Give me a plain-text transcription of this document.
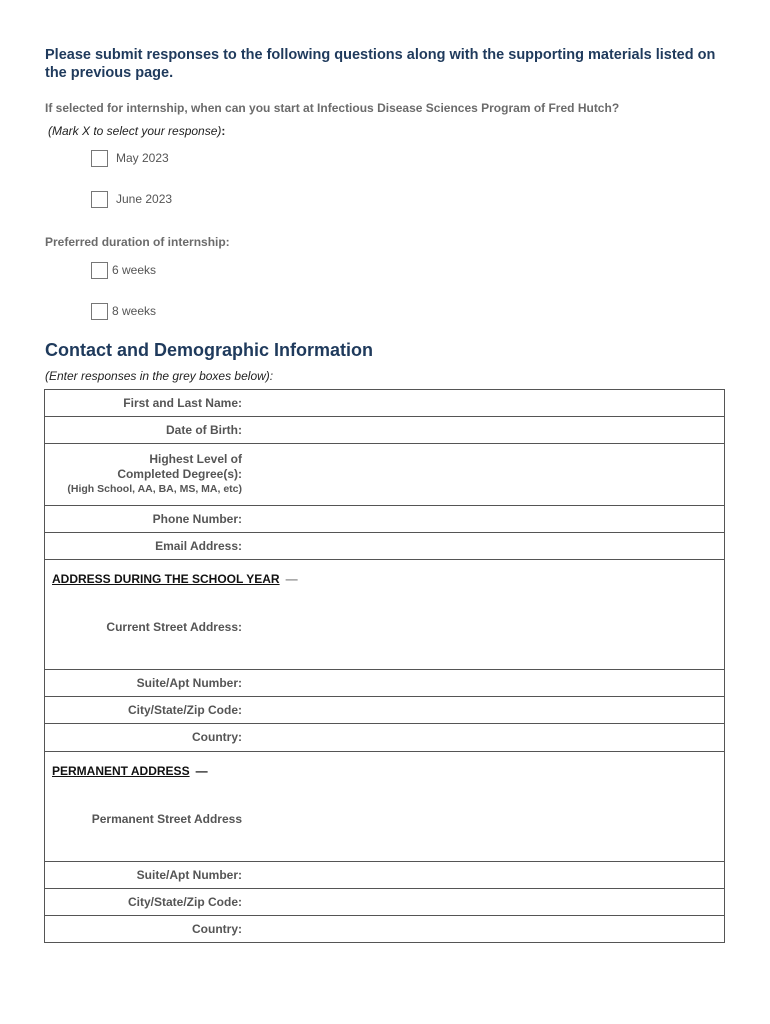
Please submit responses to the following questions along with the supporting materials listed on the previous page.
If selected for internship, when can you start at Infectious Disease Sciences Program of Fred Hutch?
(Mark X to select your response):
May 2023
June 2023
Preferred duration of internship:
6 weeks
8 weeks
Contact and Demographic Information
(Enter responses in the grey boxes below):
First and Last Name:

Date of Birth:

Highest Level of
Completed Degree(s):
(High School, AA, BA, MS, MA, etc)

Phone Number:

Email Address:

ADDRESS DURING THE SCHOOL YEAR —
Current Street Address:

Suite/Apt Number:

City/State/Zip Code:

Country:

PERMANENT ADDRESS —
Permanent Street Address

Suite/Apt Number:

City/State/Zip Code:

Country:
